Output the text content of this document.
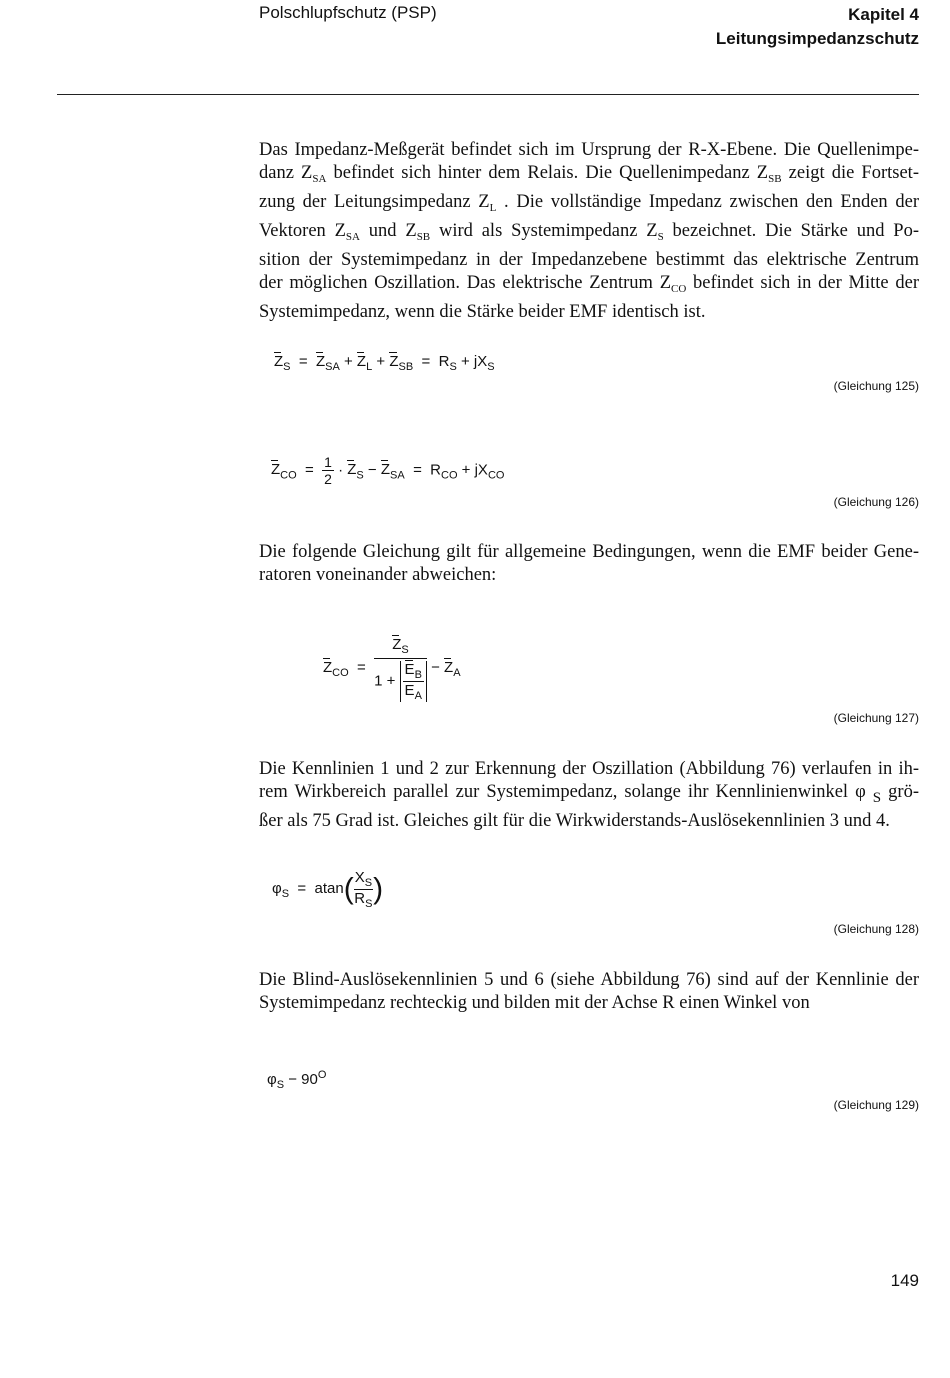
Polschlupfschutz (PSP)	Kapitel 4
Leitungsimpedanzschutz
Das Impedanz-Meßgerät befindet sich im Ursprung der R-X-Ebene. Die Quellenimpe-
danz $Z_{SA}$ befindet sich hinter dem Relais. Die Quellenimpedanz $Z_{SB}$ zeigt die Fortset-
zung der Leitungsimpedanz $Z_L$ . Die vollständige Impedanz zwischen den Enden der
Vektoren $Z_{SA}$ und $Z_{SB}$ wird als Systemimpedanz $Z_S$ bezeichnet. Die Stärke und Po-
sition der Systemimpedanz in der Impedanzebene bestimmt das elektrische Zentrum
der möglichen Oszillation. Das elektrische Zentrum $Z_{CO}$ befindet sich in der Mitte der
Systemimpedanz, wenn die Stärke beider EMF identisch ist.
$Z_S = Z_{SA} + Z_L + Z_{SB} = R_S + jX_S$
(Gleichung 125)
$Z_{CO} = \frac{1}{2} \cdot Z_S - Z_{SA} = R_{CO} + jX_{CO}$
(Gleichung 126)
Die folgende Gleichung gilt für allgemeine Bedingungen, wenn die EMF beider Gene-
ratoren voneinander abweichen:
$Z_{CO} = \frac{Z_S}{1 + \frac{E_B}{E_A}} - Z_A$
(Gleichung 127)
Die Kennlinien 1 und 2 zur Erkennung der Oszillation (Abbildung 76) verlaufen in ih-
rem Wirkbereich parallel zur Systemimpedanz, solange ihr Kennlinienwinkel φ $_S$ grö-
ßer als 75 Grad ist. Gleiches gilt für die Wirkwiderstands-Auslösekennlinien 3 und 4.
$\varphi_S = atan( \frac{X_S}{R_S}$ )
(Gleichung 128)
Die Blind-Auslösekennlinien 5 und 6 (siehe Abbildung 76) sind auf der Kennlinie der
Systemimpedanz rechteckig und bilden mit der Achse R einen Winkel von
$\varphi_S - 90^O$
(Gleichung 129)
149
